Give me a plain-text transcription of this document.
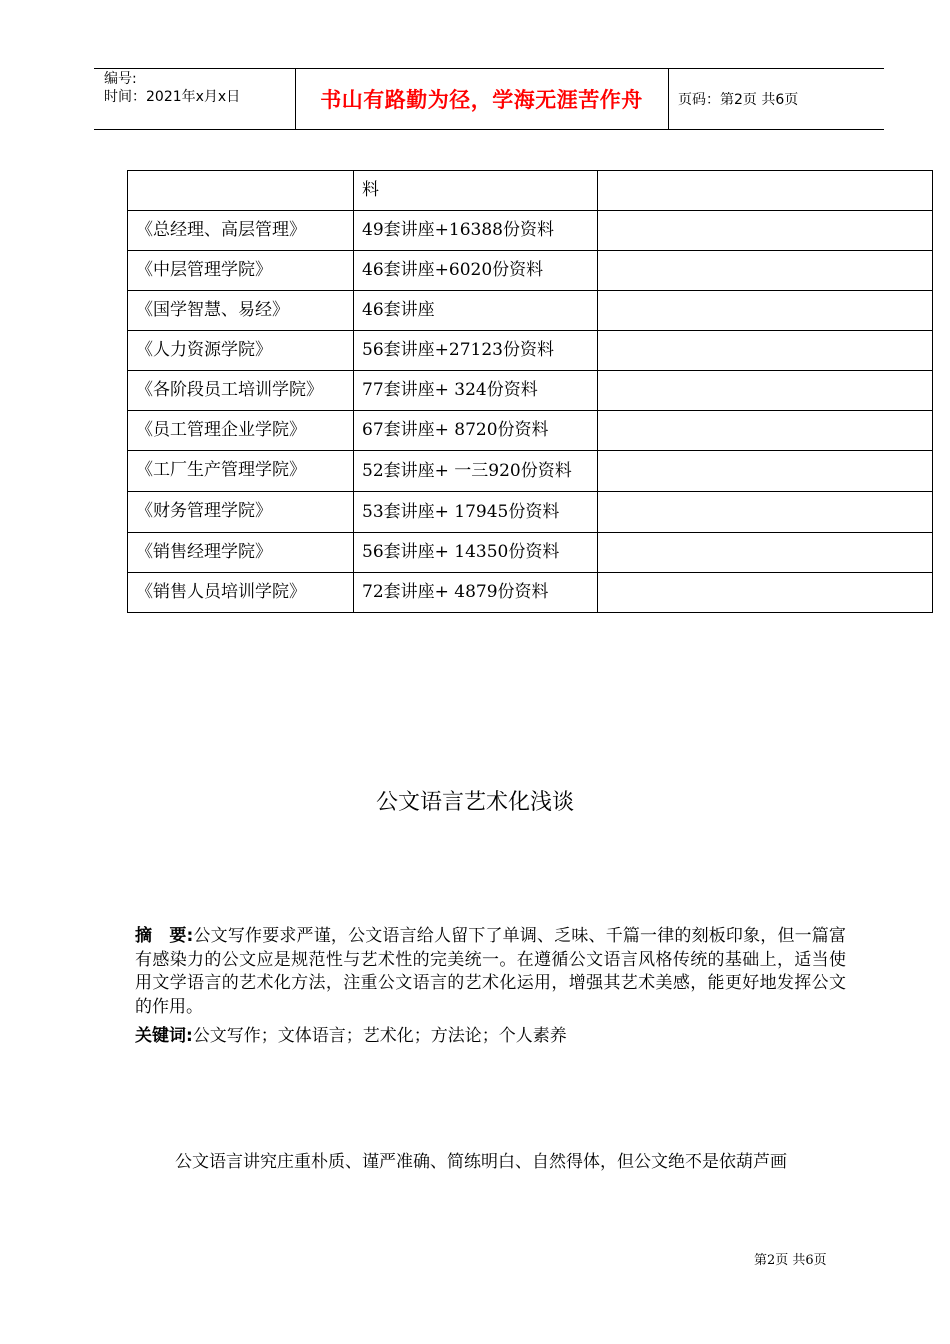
编号:
时间：2021年x月x日	书山有路勤为径，学海无涯苦作舟	页码：第2页 共6页

	料	

《总经理、高层管理》	49套讲座+16388份资料	

《中层管理学院》	46套讲座+6020份资料	

《国学智慧、易经》	46套讲座	

《人力资源学院》	56套讲座+27123份资料	

《各阶段员工培训学院》	77套讲座+ 324份资料	

《员工管理企业学院》	67套讲座+ 8720份资料	

《工厂生产管理学院》	52套讲座+ 一三920份资料	

《财务管理学院》	53套讲座+ 17945份资料	

《销售经理学院》	56套讲座+ 14350份资料	

《销售人员培训学院》	72套讲座+ 4879份资料	

公文语言艺术化浅谈
摘　要:公文写作要求严谨，公文语言给人留下了单调、乏味、千篇一律的刻板印象，但一篇富有感染力的公文应是规范性与艺术性的完美统一。在遵循公文语言风格传统的基础上，适当使用文学语言的艺术化方法，注重公文语言的艺术化运用，增强其艺术美感，能更好地发挥公文的作用。
关键词:公文写作；文体语言；艺术化；方法论；个人素养
公文语言讲究庄重朴质、谨严准确、简练明白、自然得体，但公文绝不是依葫芦画
第2页 共6页
